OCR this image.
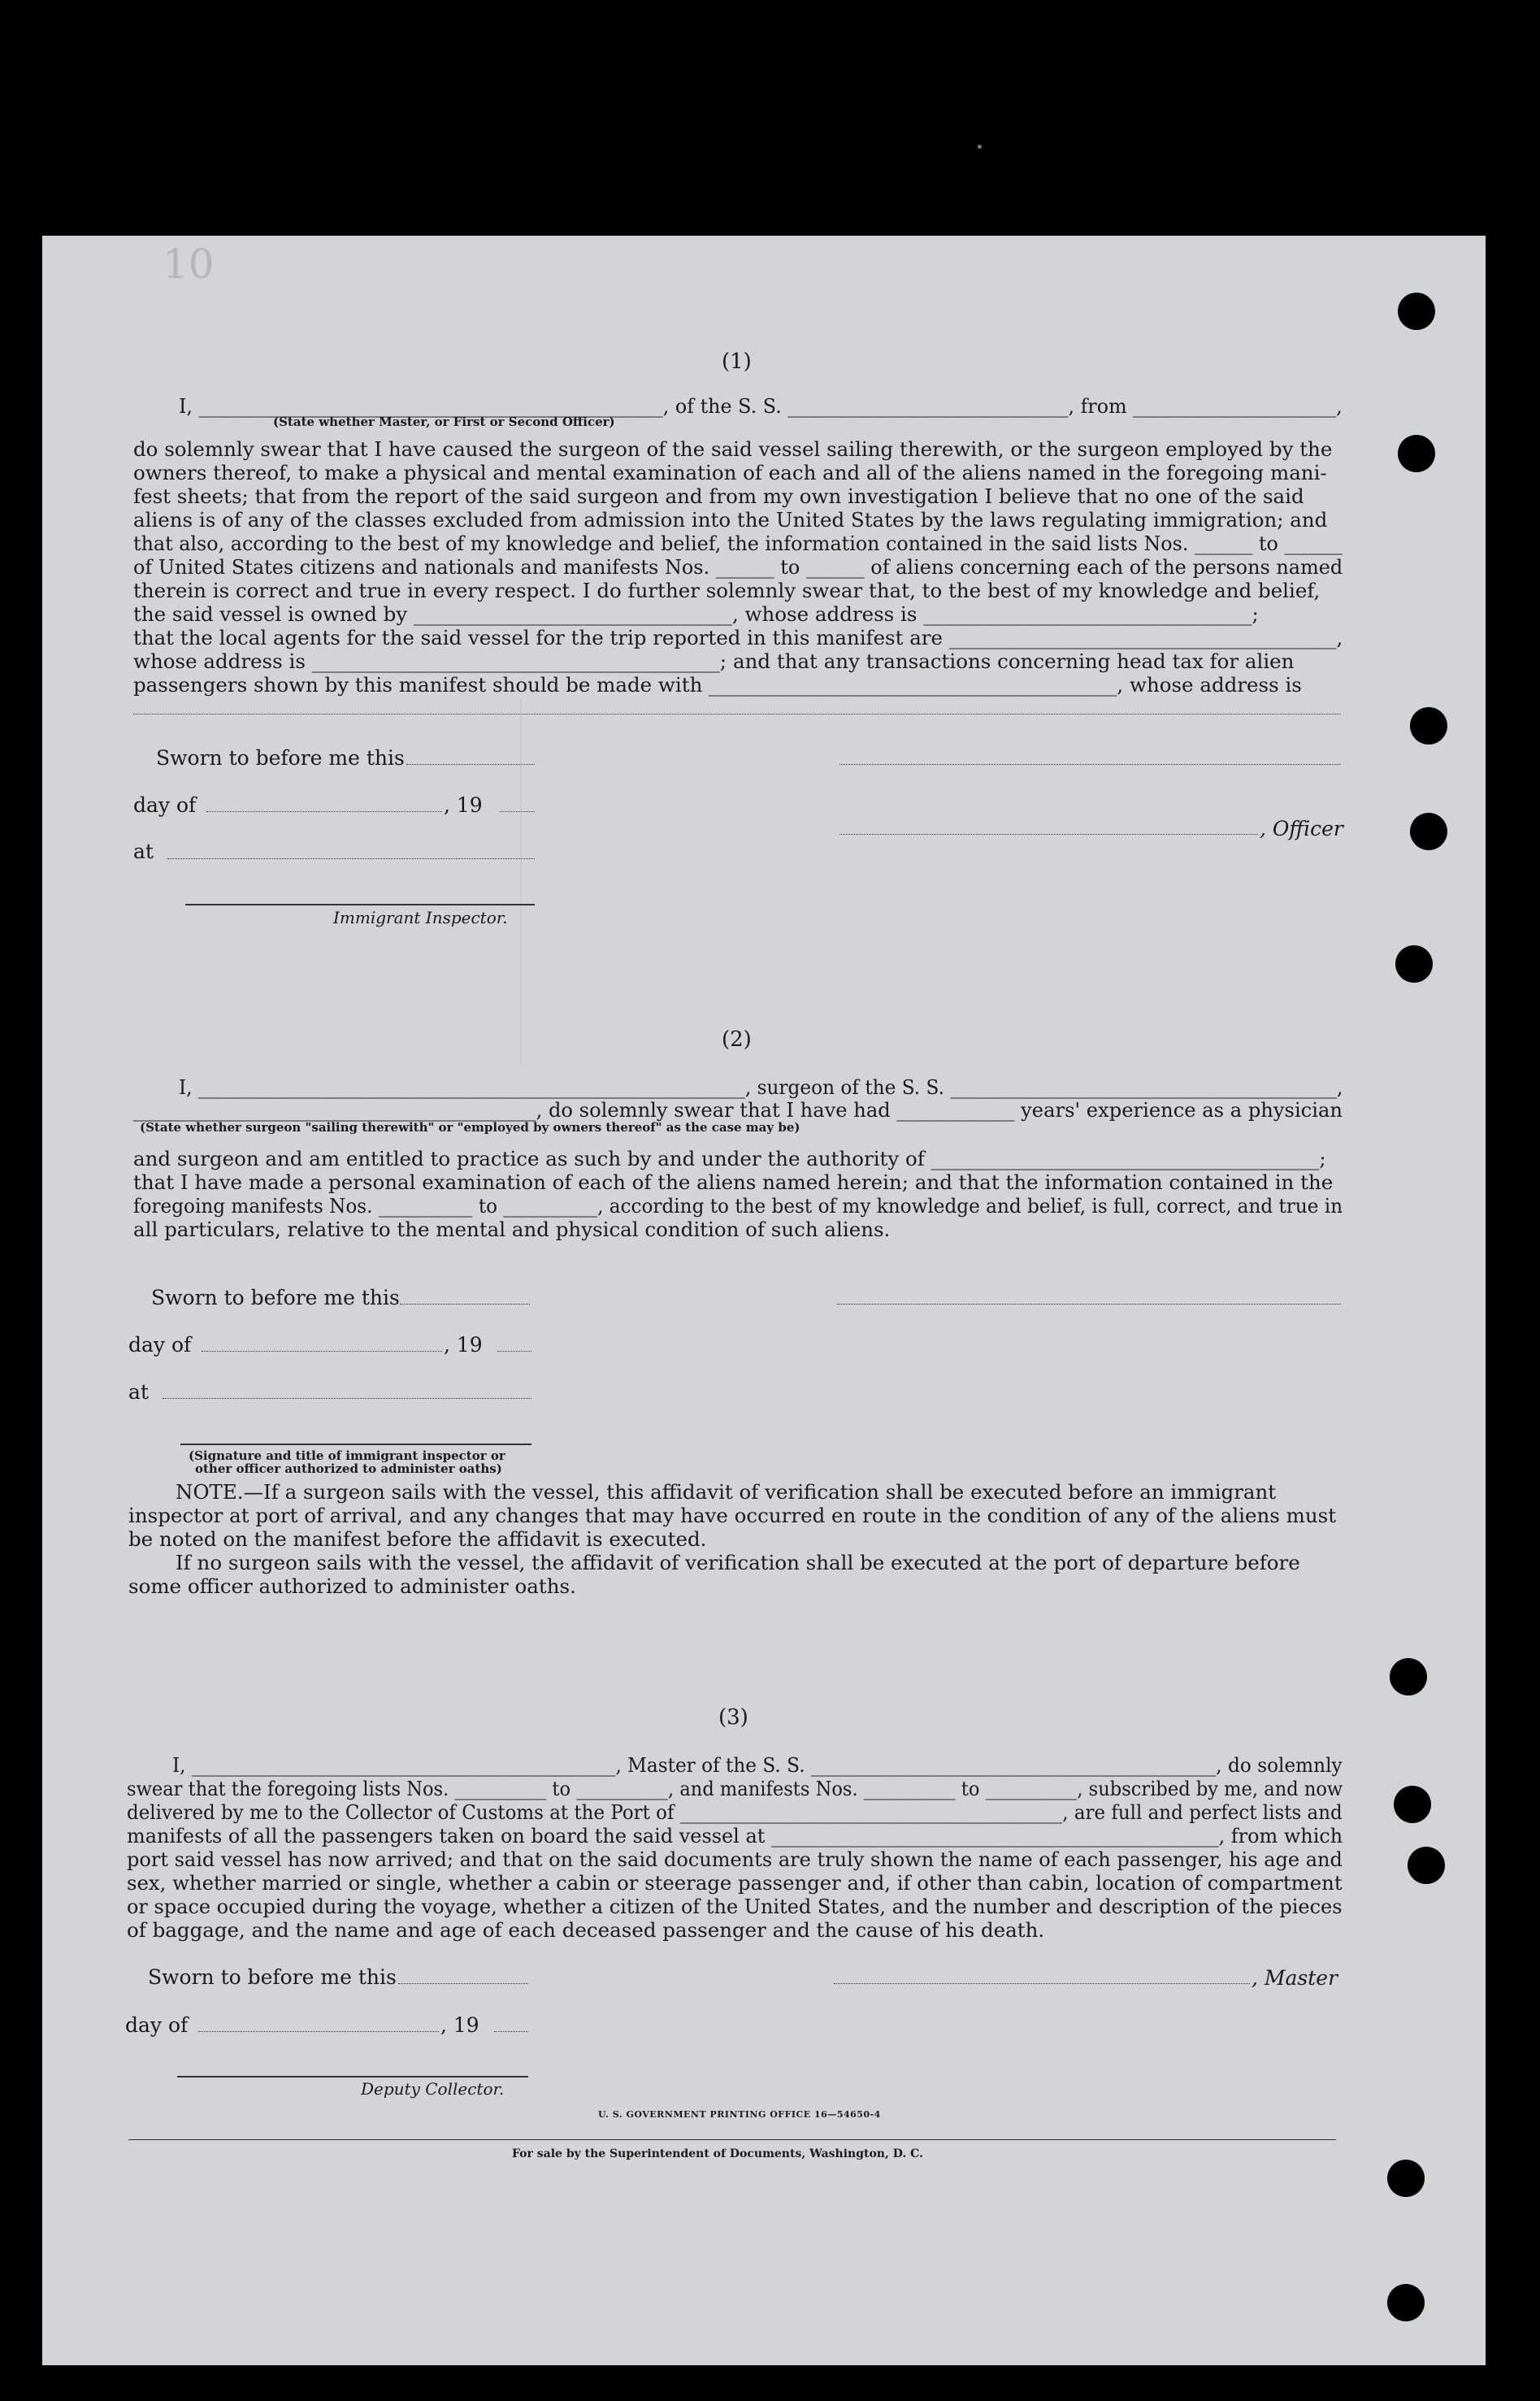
10
(1)
I, ________________________________________________, of the S. S. _____________________________, from _____________________,
(State whether Master, or First or Second Officer)
do solemnly swear that I have caused the surgeon of the said vessel sailing therewith, or the surgeon employed by the
owners thereof, to make a physical and mental examination of each and all of the aliens named in the foregoing mani-
fest sheets; that from the report of the said surgeon and from my own investigation I believe that no one of the said
aliens is of any of the classes excluded from admission into the United States by the laws regulating immigration; and
that also, according to the best of my knowledge and belief, the information contained in the said lists Nos. ______ to ______
of United States citizens and nationals and manifests Nos. ______ to ______ of aliens concerning each of the persons named
therein is correct and true in every respect. I do further solemnly swear that, to the best of my knowledge and belief,
the said vessel is owned by ________________________________, whose address is _________________________________;
that the local agents for the said vessel for the trip reported in this manifest are _______________________________________,
whose address is _________________________________________; and that any transactions concerning head tax for alien
passengers shown by this manifest should be made with _________________________________________, whose address is
Sworn to before me this
day of	, 19
at
, Officer
Immigrant Inspector.
(2)
I, __________________________________________________________, surgeon of the S. S. _________________________________________,
_________________________________________, do solemnly swear that I have had ____________ years' experience as a physician
(State whether surgeon "sailing therewith" or "employed by owners thereof" as the case may be)
and surgeon and am entitled to practice as such by and under the authority of _______________________________________;
that I have made a personal examination of each of the aliens named herein; and that the information contained in the
foregoing manifests Nos. __________ to __________, according to the best of my knowledge and belief, is full, correct, and true in
all particulars, relative to the mental and physical condition of such aliens.
Sworn to before me this
day of	, 19
at
(Signature and title of immigrant inspector or
other officer authorized to administer oaths)
NOTE.—If a surgeon sails with the vessel, this affidavit of verification shall be executed before an immigrant
inspector at port of arrival, and any changes that may have occurred en route in the condition of any of the aliens must
be noted on the manifest before the affidavit is executed.
If no surgeon sails with the vessel, the affidavit of verification shall be executed at the port of departure before
some officer authorized to administer oaths.
(3)
I, _____________________________________________, Master of the S. S. ___________________________________________, do solemnly
swear that the foregoing lists Nos. __________ to __________, and manifests Nos. __________ to __________, subscribed by me, and now
delivered by me to the Collector of Customs at the Port of _________________________________________, are full and perfect lists and
manifests of all the passengers taken on board the said vessel at ______________________________________________, from which
port said vessel has now arrived; and that on the said documents are truly shown the name of each passenger, his age and
sex, whether married or single, whether a cabin or steerage passenger and, if other than cabin, location of compartment
or space occupied during the voyage, whether a citizen of the United States, and the number and description of the pieces
of baggage, and the name and age of each deceased passenger and the cause of his death.
Sworn to before me this	, Master
day of	, 19
Deputy Collector.
U. S. GOVERNMENT PRINTING OFFICE 16—54650-4
For sale by the Superintendent of Documents, Washington, D. C.
